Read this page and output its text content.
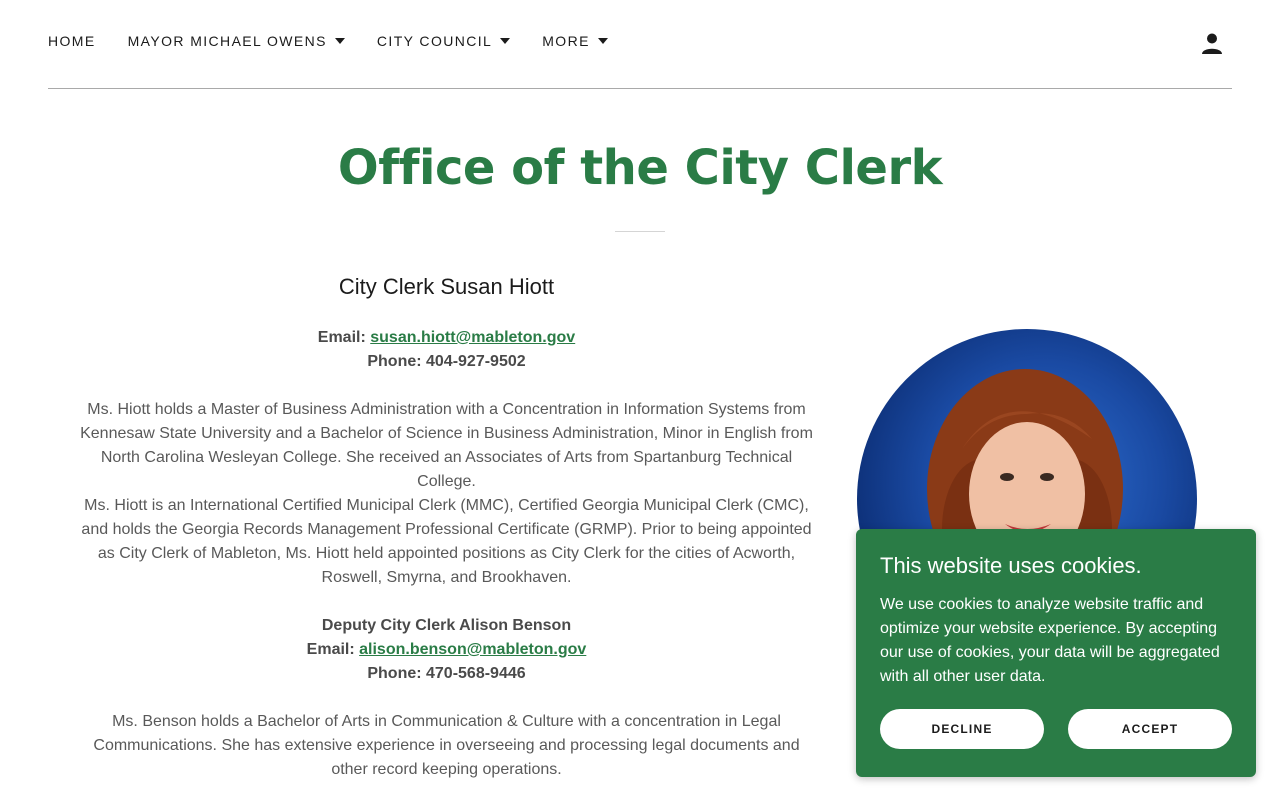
HOME MAYOR MICHAEL OWENS	CITY COUNCIL	MORE
Office of the City Clerk

City Clerk Susan Hiott

Email: susan.hiott@mableton.gov

Phone: 404-927-9502

Ms. Hiott holds a Master of Business Administration with a Concentration in Information Systems from Kennesaw State University and a Bachelor of Science in Business Administration, Minor in English from North Carolina Wesleyan College. She received an Associates of Arts from Spartanburg Technical College.

Ms. Hiott is an International Certified Municipal Clerk (MMC), Certified Georgia Municipal Clerk (CMC), and holds the Georgia Records Management Professional Certificate (GRMP). Prior to being appointed as City Clerk of Mableton, Ms. Hiott held appointed positions as City Clerk for the cities of Acworth, Roswell, Smyrna, and Brookhaven.

Deputy City Clerk Alison Benson

Email: alison.benson@mableton.gov

Phone: 470-568-9446

Ms. Benson holds a Bachelor of Arts in Communication & Culture with a concentration in Legal Communications. She has extensive experience in overseeing and processing legal documents and other record keeping operations.

This website uses cookies.

We use cookies to analyze website traffic and optimize your website experience. By accepting our use of cookies, your data will be aggregated with all other user data.

DECLINE	ACCEPT
